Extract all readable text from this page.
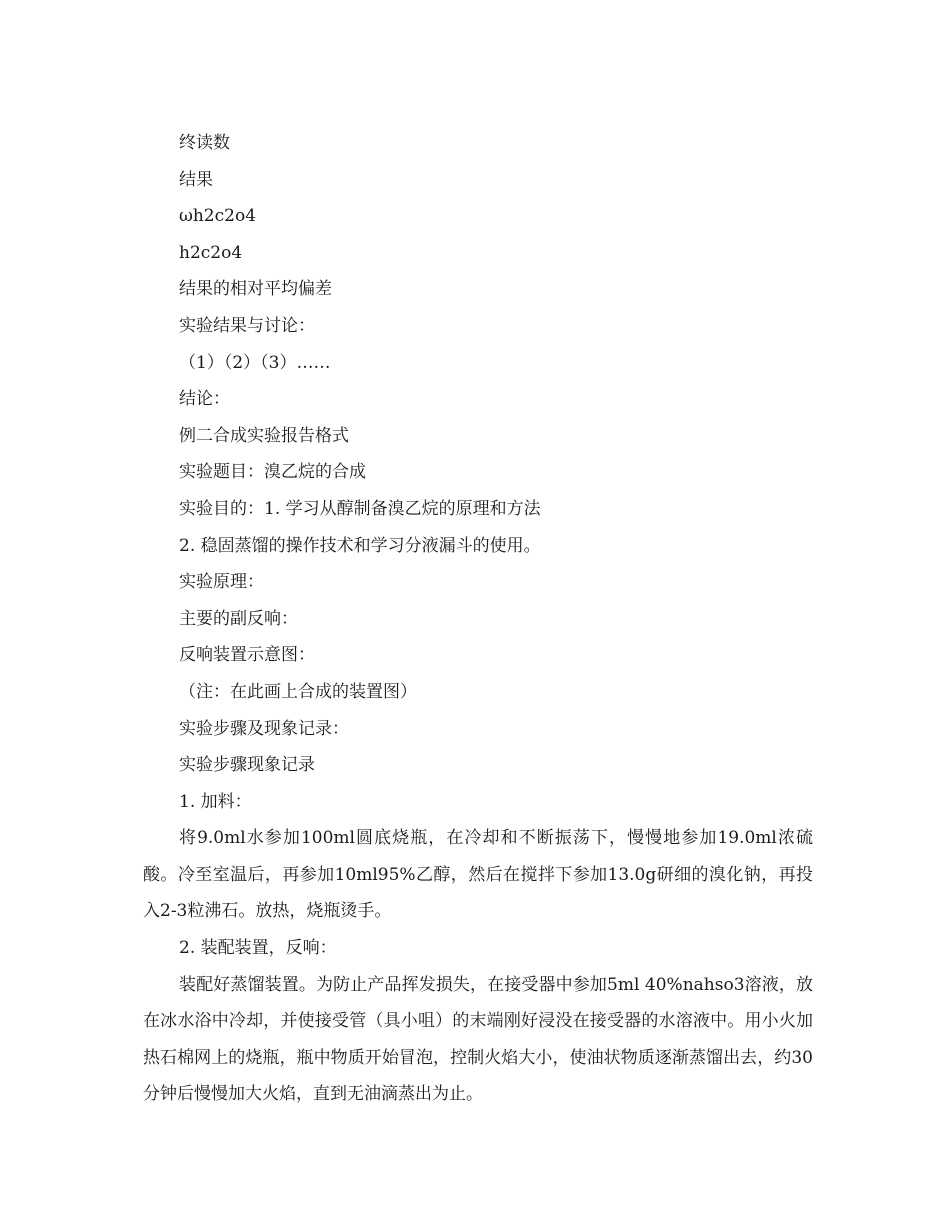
终读数
结果
ωh2c2o4
h2c2o4
结果的相对平均偏差
实验结果与讨论：
（1）（2）（3）……
结论：
例二合成实验报告格式
实验题目：溴乙烷的合成
实验目的：1. 学习从醇制备溴乙烷的原理和方法
2. 稳固蒸馏的操作技术和学习分液漏斗的使用。
实验原理：
主要的副反响：
反响装置示意图：
（注：在此画上合成的装置图）
实验步骤及现象记录：
实验步骤现象记录
1. 加料：
将9.0ml水参加100ml圆底烧瓶，在冷却和不断振荡下，慢慢地参加19.0ml浓硫酸。冷至室温后，再参加10ml95%乙醇，然后在搅拌下参加13.0g研细的溴化钠，再投入2-3粒沸石。放热，烧瓶烫手。
2. 装配装置，反响：
装配好蒸馏装置。为防止产品挥发损失，在接受器中参加5ml 40%nahso3溶液，放在冰水浴中冷却，并使接受管（具小咀）的末端刚好浸没在接受器的水溶液中。用小火加热石棉网上的烧瓶，瓶中物质开始冒泡，控制火焰大小，使油状物质逐渐蒸馏出去，约30分钟后慢慢加大火焰，直到无油滴蒸出为止。
